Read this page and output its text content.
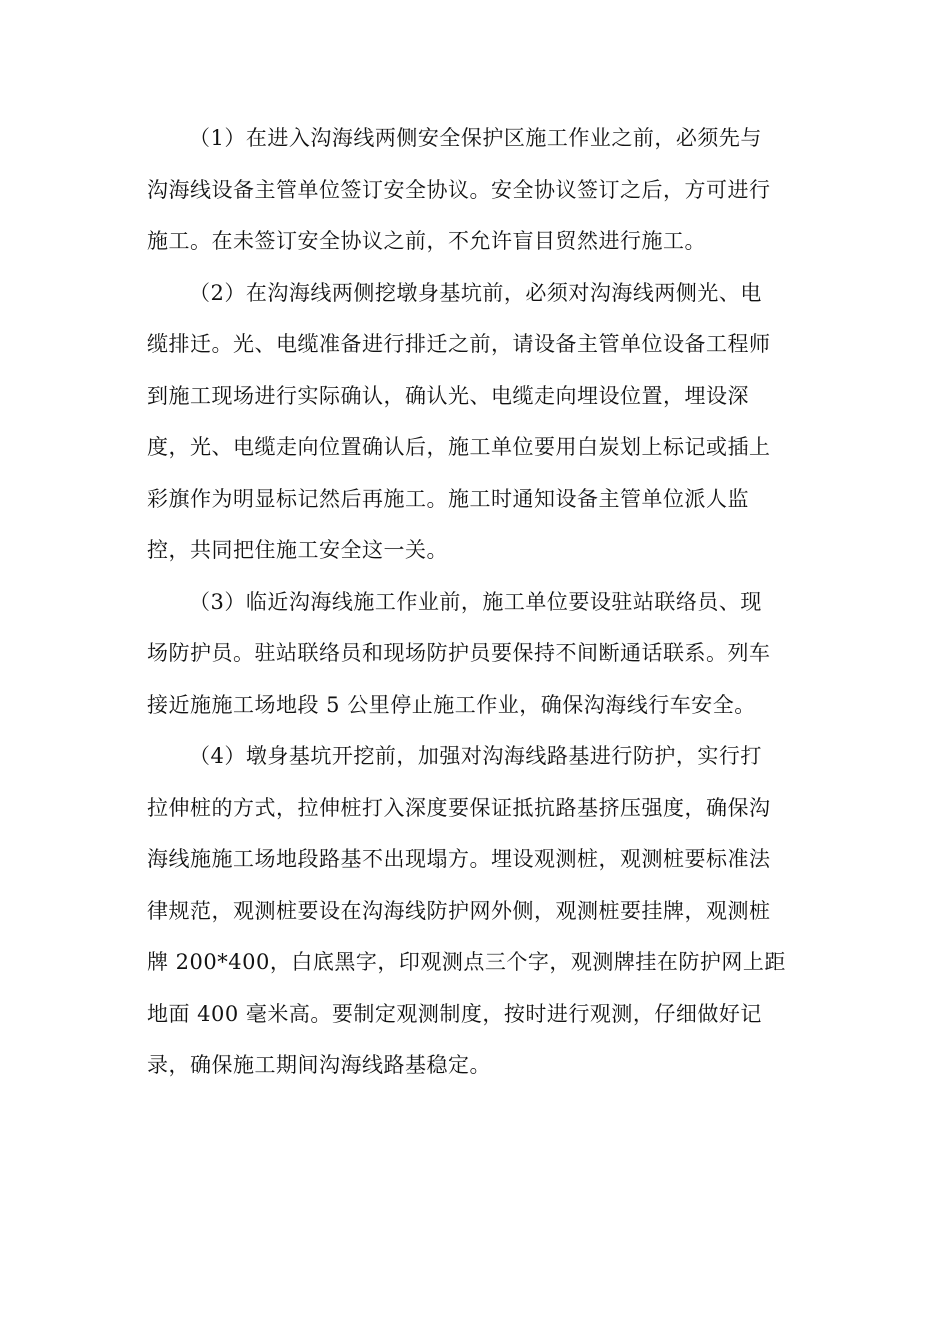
（1）在进入沟海线两侧安全保护区施工作业之前，必须先与
沟海线设备主管单位签订安全协议。安全协议签订之后，方可进行
施工。在未签订安全协议之前，不允许盲目贸然进行施工。

（2）在沟海线两侧挖墩身基坑前，必须对沟海线两侧光、电
缆排迁。光、电缆准备进行排迁之前，请设备主管单位设备工程师
到施工现场进行实际确认，确认光、电缆走向埋设位置，埋设深
度，光、电缆走向位置确认后，施工单位要用白炭划上标记或插上
彩旗作为明显标记然后再施工。施工时通知设备主管单位派人监
控，共同把住施工安全这一关。

（3）临近沟海线施工作业前，施工单位要设驻站联络员、现
场防护员。驻站联络员和现场防护员要保持不间断通话联系。列车
接近施施工场地段 5 公里停止施工作业，确保沟海线行车安全。

（4）墩身基坑开挖前，加强对沟海线路基进行防护，实行打
拉伸桩的方式，拉伸桩打入深度要保证抵抗路基挤压强度，确保沟
海线施施工场地段路基不出现塌方。埋设观测桩，观测桩要标准法
律规范，观测桩要设在沟海线防护网外侧，观测桩要挂牌，观测桩
牌 200*400，白底黑字，印观测点三个字，观测牌挂在防护网上距
地面 400 毫米高。要制定观测制度，按时进行观测，仔细做好记
录，确保施工期间沟海线路基稳定。
